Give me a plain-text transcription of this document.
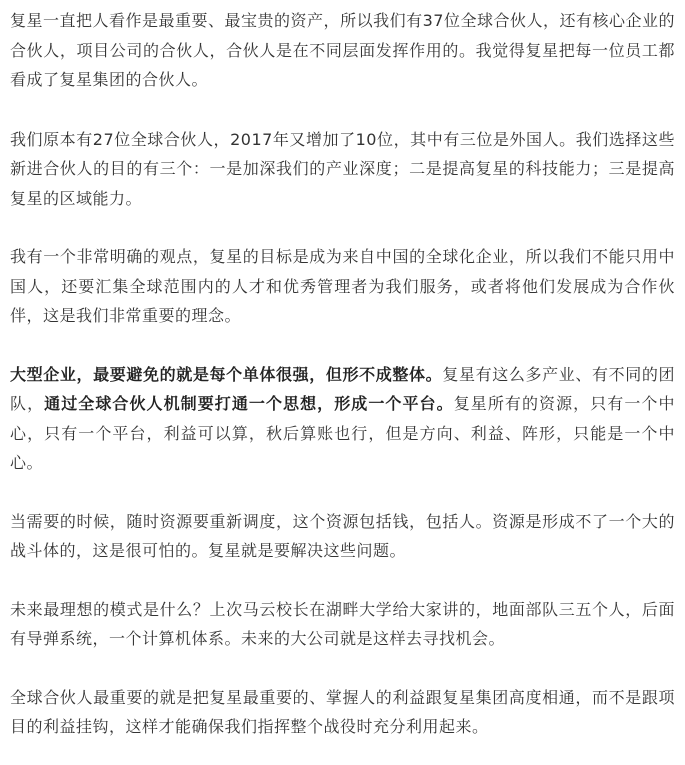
复星一直把人看作是最重要、最宝贵的资产，所以我们有37位全球合伙人，还有核心企业的合伙人，项目公司的合伙人，合伙人是在不同层面发挥作用的。我觉得复星把每一位员工都看成了复星集团的合伙人。

我们原本有27位全球合伙人，2017年又增加了10位，其中有三位是外国人。我们选择这些新进合伙人的目的有三个：一是加深我们的产业深度；二是提高复星的科技能力；三是提高复星的区域能力。

我有一个非常明确的观点，复星的目标是成为来自中国的全球化企业，所以我们不能只用中国人，还要汇集全球范围内的人才和优秀管理者为我们服务，或者将他们发展成为合作伙伴，这是我们非常重要的理念。

大型企业，最要避免的就是每个单体很强，但形不成整体。复星有这么多产业、有不同的团队，通过全球合伙人机制要打通一个思想，形成一个平台。复星所有的资源，只有一个中心，只有一个平台，利益可以算，秋后算账也行，但是方向、利益、阵形，只能是一个中心。

当需要的时候，随时资源要重新调度，这个资源包括钱，包括人。资源是形成不了一个大的战斗体的，这是很可怕的。复星就是要解决这些问题。

未来最理想的模式是什么？上次马云校长在湖畔大学给大家讲的，地面部队三五个人，后面有导弹系统，一个计算机体系。未来的大公司就是这样去寻找机会。

全球合伙人最重要的就是把复星最重要的、掌握人的利益跟复星集团高度相通，而不是跟项目的利益挂钩，这样才能确保我们指挥整个战役时充分利用起来。
